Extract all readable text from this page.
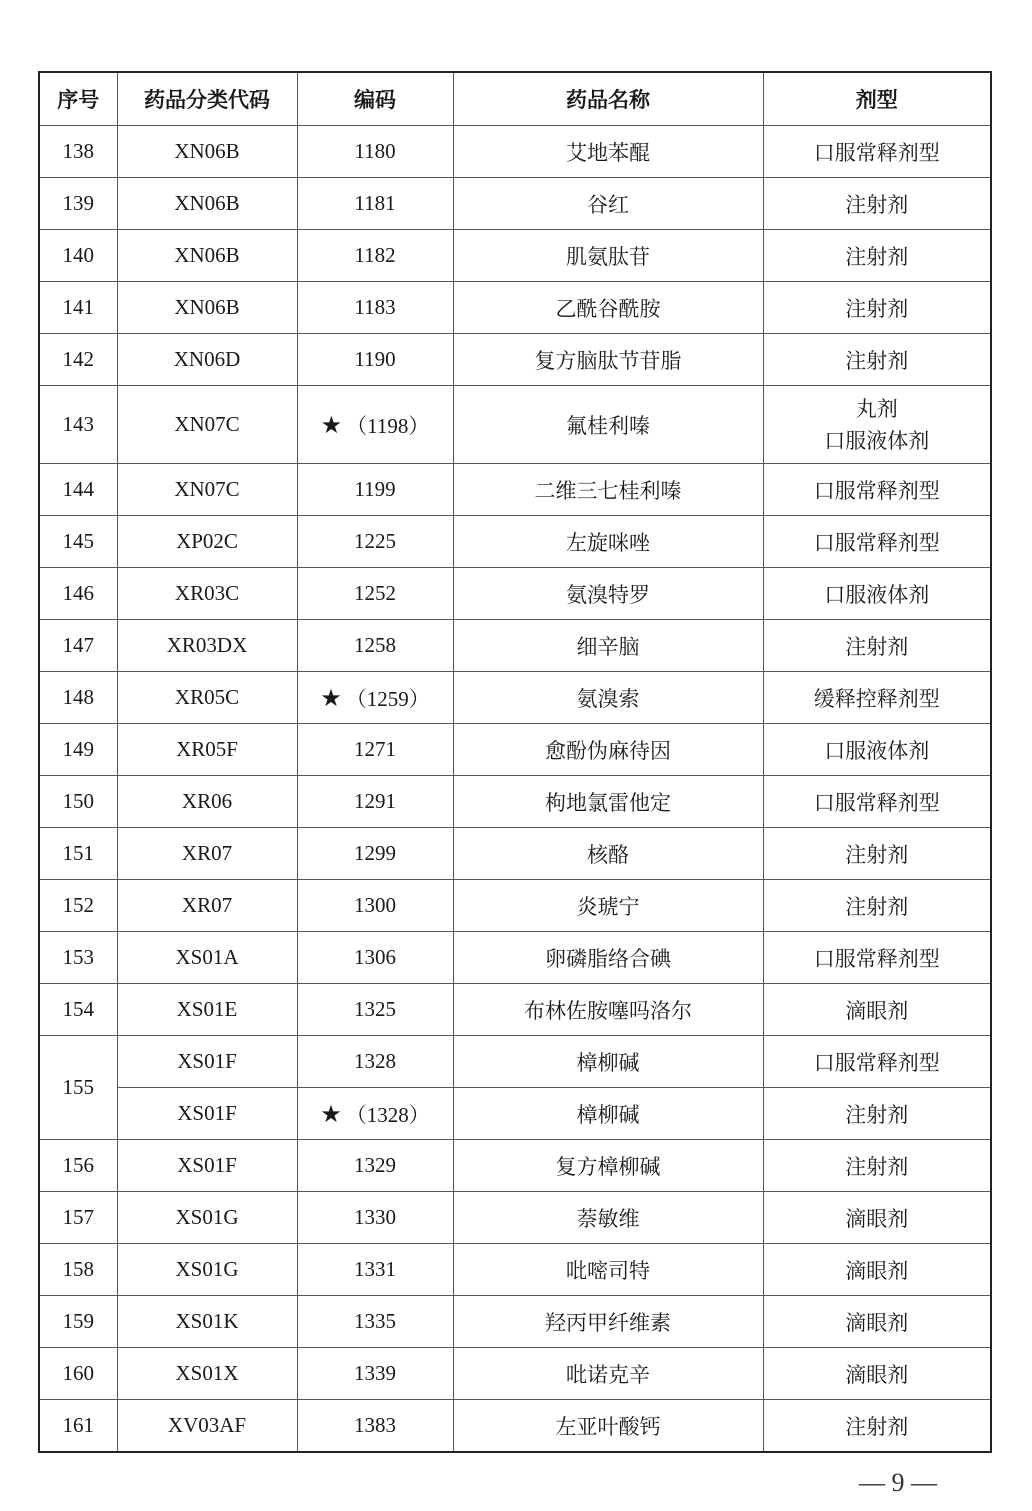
序号	药品分类代码	编码	药品名称	剂型
138	XN06B	1180	艾地苯醌	口服常释剂型

139	XN06B	1181	谷红	注射剂

140	XN06B	1182	肌氨肽苷	注射剂

141	XN06B	1183	乙酰谷酰胺	注射剂

142	XN06D	1190	复方脑肽节苷脂	注射剂

143	XN07C	★ （1198）	氟桂利嗪	丸剂
口服液体剂

144	XN07C	1199	二维三七桂利嗪	口服常释剂型

145	XP02C	1225	左旋咪唑	口服常释剂型

146	XR03C	1252	氨溴特罗	口服液体剂

147	XR03DX	1258	细辛脑	注射剂

148	XR05C	★ （1259）	氨溴索	缓释控释剂型

149	XR05F	1271	愈酚伪麻待因	口服液体剂

150	XR06	1291	枸地氯雷他定	口服常释剂型

151	XR07	1299	核酪	注射剂

152	XR07	1300	炎琥宁	注射剂

153	XS01A	1306	卵磷脂络合碘	口服常释剂型

154	XS01E	1325	布林佐胺噻吗洛尔	滴眼剂

155	XS01F	1328	樟柳碱	口服常释剂型

	XS01F	★ （1328）	樟柳碱	注射剂

156	XS01F	1329	复方樟柳碱	注射剂

157	XS01G	1330	萘敏维	滴眼剂

158	XS01G	1331	吡嘧司特	滴眼剂

159	XS01K	1335	羟丙甲纤维素	滴眼剂

160	XS01X	1339	吡诺克辛	滴眼剂

161	XV03AF	1383	左亚叶酸钙	注射剂
— 9 —
